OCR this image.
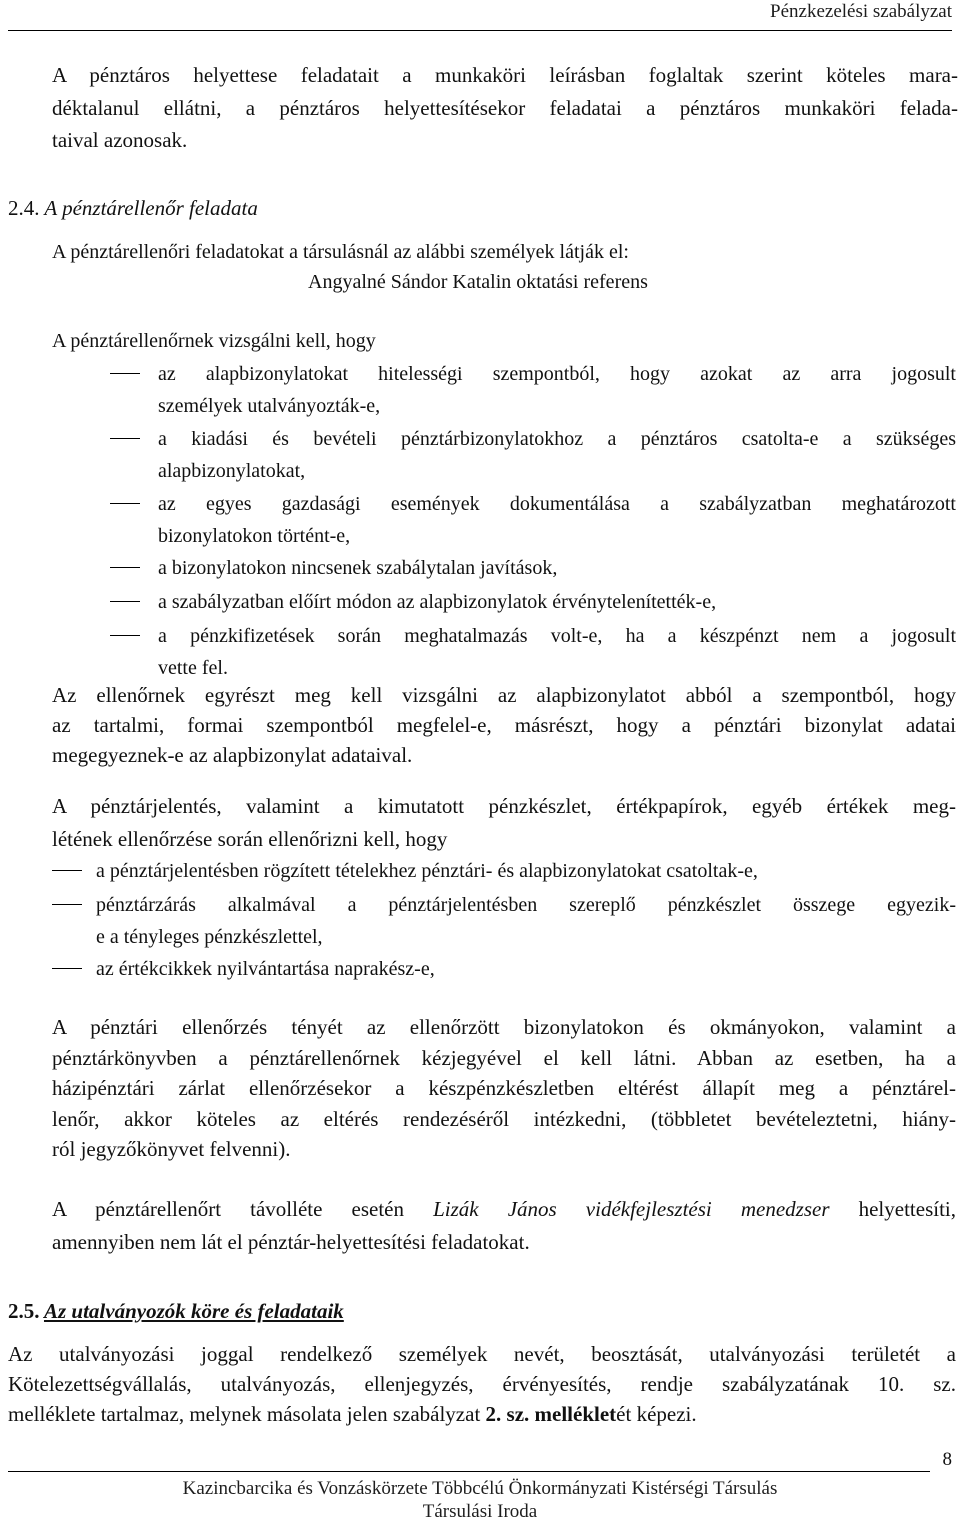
Pénzkezelési szabályzat
A pénztáros helyettese feladatait a munkaköri leírásban foglaltak szerint köteles mara-
déktalanul ellátni, a pénztáros helyettesítésekor feladatai a pénztáros munkaköri felada-
taival azonosak.
2.4. A pénztárellenőr feladata
A pénztárellenőri feladatokat a társulásnál az alábbi személyek látják el:
Angyalné Sándor Katalin oktatási referens
A pénztárellenőrnek vizsgálni kell, hogy
az alapbizonylatokat hitelességi szempontból, hogy azokat az arra jogosult
személyek utalványozták-e,
a kiadási és bevételi pénztárbizonylatokhoz a pénztáros csatolta-e a szükséges
alapbizonylatokat,
az egyes gazdasági események dokumentálása a szabályzatban meghatározott
bizonylatokon történt-e,
a bizonylatokon nincsenek szabálytalan javítások,
a szabályzatban előírt módon az alapbizonylatok érvénytelenítették-e,
a pénzkifizetések során meghatalmazás volt-e, ha a készpénzt nem a jogosult
vette fel.
Az ellenőrnek egyrészt meg kell vizsgálni az alapbizonylatot abból a szempontból, hogy
az tartalmi, formai szempontból megfelel-e, másrészt, hogy a pénztári bizonylat adatai
megegyeznek-e az alapbizonylat adataival.
A pénztárjelentés, valamint a kimutatott pénzkészlet, értékpapírok, egyéb értékek meg-
létének ellenőrzése során ellenőrizni kell, hogy
a pénztárjelentésben rögzített tételekhez pénztári- és alapbizonylatokat csatoltak-e,
pénztárzárás alkalmával a pénztárjelentésben szereplő pénzkészlet összege egyezik-
e a tényleges pénzkészlettel,
az értékcikkek nyilvántartása naprakész-e,
A pénztári ellenőrzés tényét az ellenőrzött bizonylatokon és okmányokon, valamint a
pénztárkönyvben a pénztárellenőrnek kézjegyével el kell látni. Abban az esetben, ha a
házipénztári zárlat ellenőrzésekor a készpénzkészletben eltérést állapít meg a pénztárel-
lenőr, akkor köteles az eltérés rendezéséről intézkedni, (többletet bevételeztetni, hiány-
ról jegyzőkönyvet felvenni).
A pénztárellenőrt távolléte esetén Lizák János vidékfejlesztési menedzser helyettesíti,
amennyiben nem lát el pénztár-helyettesítési feladatokat.
2.5. Az utalványozók köre és feladataik
Az utalványozási joggal rendelkező személyek nevét, beosztását, utalványozási területét a
Kötelezettségvállalás, utalványozás, ellenjegyzés, érvényesítés, rendje szabályzatának 10. sz.
melléklete tartalmaz, melynek másolata jelen szabályzat 2. sz. mellékletét képezi.
8
Kazincbarcika és Vonzáskörzete Többcélú Önkormányzati Kistérségi Társulás
Társulási Iroda
